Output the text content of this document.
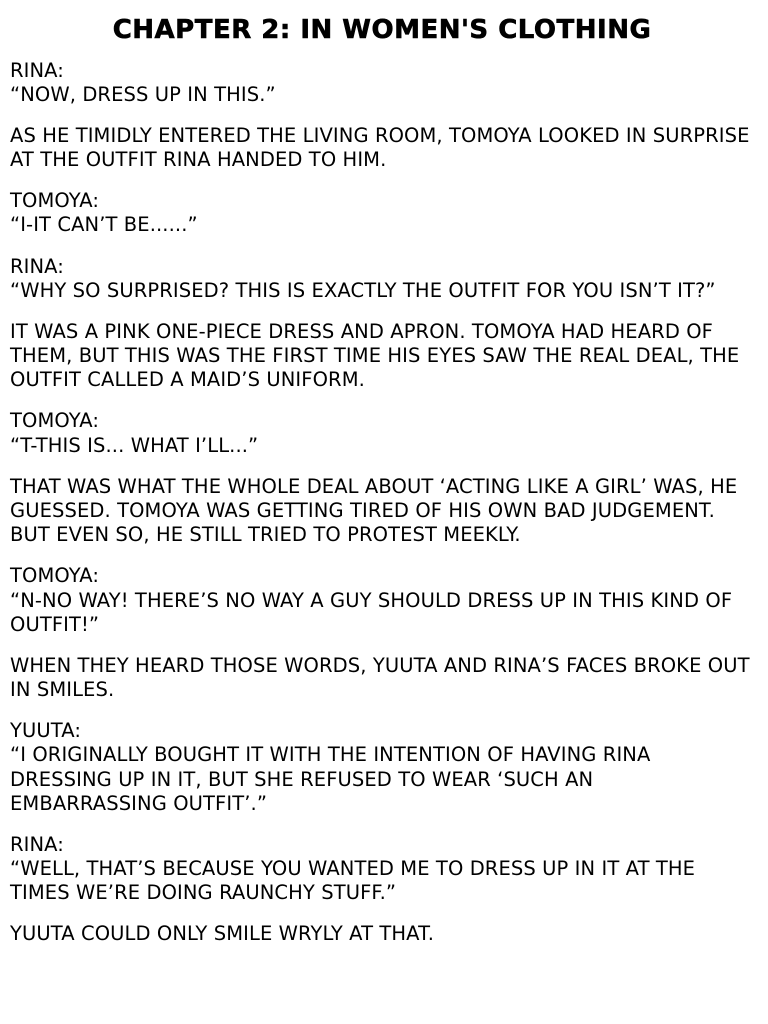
CHAPTER 2: IN WOMEN'S CLOTHING
RINA:
“NOW, DRESS UP IN THIS.”
AS HE TIMIDLY ENTERED THE LIVING ROOM, TOMOYA LOOKED IN SURPRISE AT THE OUTFIT RINA HANDED TO HIM.
TOMOYA:
“I-IT CAN’T BE......”
RINA:
“WHY SO SURPRISED? THIS IS EXACTLY THE OUTFIT FOR YOU ISN’T IT?”
IT WAS A PINK ONE-PIECE DRESS AND APRON. TOMOYA HAD HEARD OF THEM, BUT THIS WAS THE FIRST TIME HIS EYES SAW THE REAL DEAL, THE OUTFIT CALLED A MAID’S UNIFORM.
TOMOYA:
“T-THIS IS... WHAT I’LL...”
THAT WAS WHAT THE WHOLE DEAL ABOUT ‘ACTING LIKE A GIRL’ WAS, HE GUESSED. TOMOYA WAS GETTING TIRED OF HIS OWN BAD JUDGEMENT. BUT EVEN SO, HE STILL TRIED TO PROTEST MEEKLY.
TOMOYA:
“N-NO WAY! THERE’S NO WAY A GUY SHOULD DRESS UP IN THIS KIND OF OUTFIT!”
WHEN THEY HEARD THOSE WORDS, YUUTA AND RINA’S FACES BROKE OUT IN SMILES.
YUUTA:
“I ORIGINALLY BOUGHT IT WITH THE INTENTION OF HAVING RINA DRESSING UP IN IT, BUT SHE REFUSED TO WEAR ‘SUCH AN EMBARRASSING OUTFIT’.”
RINA:
“WELL, THAT’S BECAUSE YOU WANTED ME TO DRESS UP IN IT AT THE TIMES WE’RE DOING RAUNCHY STUFF.”
YUUTA COULD ONLY SMILE WRYLY AT THAT.
